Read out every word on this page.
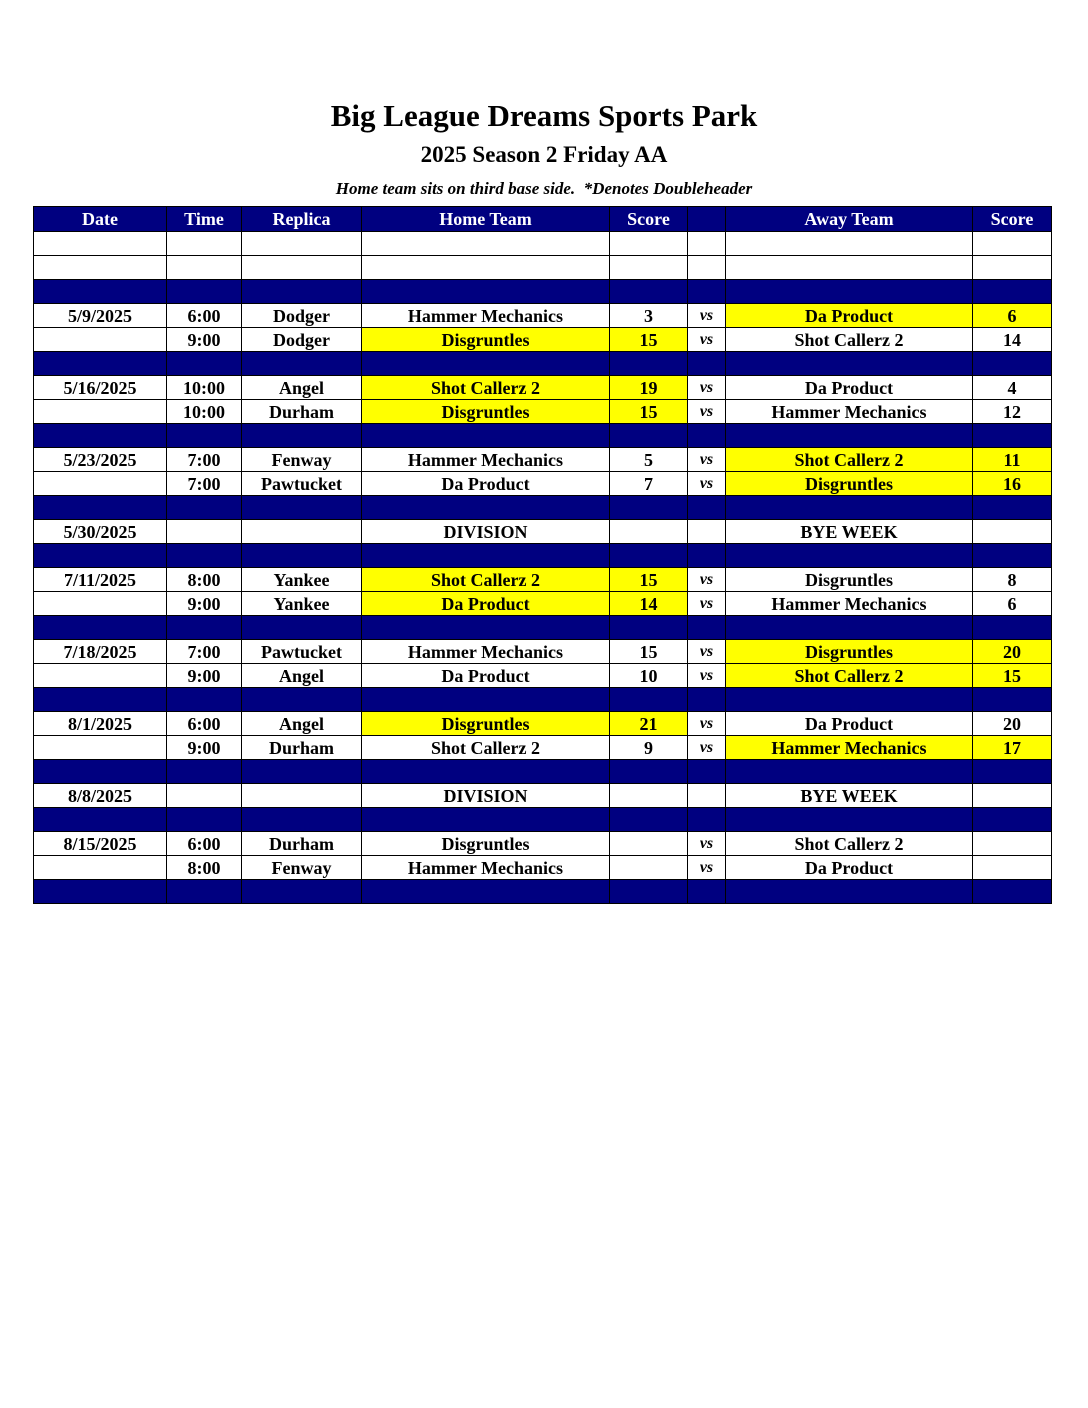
Big League Dreams Sports Park
2025 Season 2 Friday AA
Home team sits on third base side.  *Denotes Doubleheader
Date	Time	Replica	Home Team	Score		Away Team	Score

5/9/2025	6:00	Dodger	Hammer Mechanics	3	vs	Da Product	6
	9:00	Dodger	Disgruntles	15	vs	Shot Callerz 2	14

5/16/2025	10:00	Angel	Shot Callerz 2	19	vs	Da Product	4
	10:00	Durham	Disgruntles	15	vs	Hammer Mechanics	12

5/23/2025	7:00	Fenway	Hammer Mechanics	5	vs	Shot Callerz 2	11
	7:00	Pawtucket	Da Product	7	vs	Disgruntles	16

5/30/2025			DIVISION			BYE WEEK	

7/11/2025	8:00	Yankee	Shot Callerz 2	15	vs	Disgruntles	8
	9:00	Yankee	Da Product	14	vs	Hammer Mechanics	6

7/18/2025	7:00	Pawtucket	Hammer Mechanics	15	vs	Disgruntles	20
	9:00	Angel	Da Product	10	vs	Shot Callerz 2	15

8/1/2025	6:00	Angel	Disgruntles	21	vs	Da Product	20
	9:00	Durham	Shot Callerz 2	9	vs	Hammer Mechanics	17

8/8/2025			DIVISION			BYE WEEK	

8/15/2025	6:00	Durham	Disgruntles		vs	Shot Callerz 2	
	8:00	Fenway	Hammer Mechanics		vs	Da Product	
